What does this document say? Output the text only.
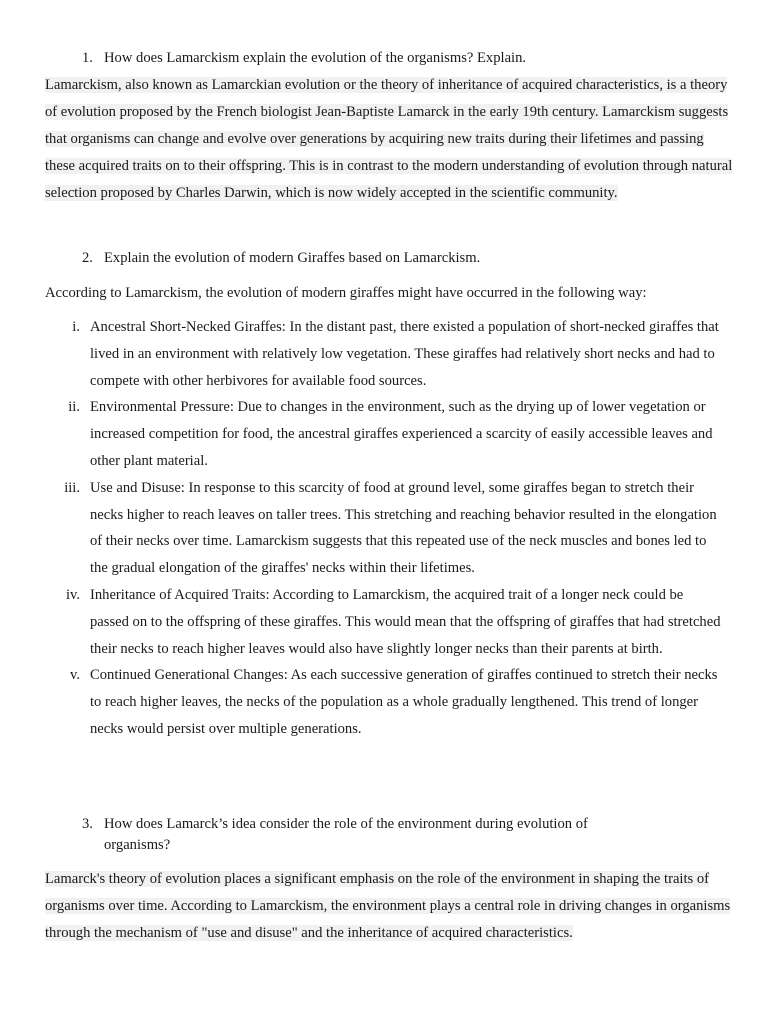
1. How does Lamarckism explain the evolution of the organisms? Explain.
Lamarckism, also known as Lamarckian evolution or the theory of inheritance of acquired characteristics, is a theory of evolution proposed by the French biologist Jean-Baptiste Lamarck in the early 19th century. Lamarckism suggests that organisms can change and evolve over generations by acquiring new traits during their lifetimes and passing these acquired traits on to their offspring. This is in contrast to the modern understanding of evolution through natural selection proposed by Charles Darwin, which is now widely accepted in the scientific community.
2. Explain the evolution of modern Giraffes based on Lamarckism.
According to Lamarckism, the evolution of modern giraffes might have occurred in the following way:
i. Ancestral Short-Necked Giraffes: In the distant past, there existed a population of short-necked giraffes that lived in an environment with relatively low vegetation. These giraffes had relatively short necks and had to compete with other herbivores for available food sources.
ii. Environmental Pressure: Due to changes in the environment, such as the drying up of lower vegetation or increased competition for food, the ancestral giraffes experienced a scarcity of easily accessible leaves and other plant material.
iii. Use and Disuse: In response to this scarcity of food at ground level, some giraffes began to stretch their necks higher to reach leaves on taller trees. This stretching and reaching behavior resulted in the elongation of their necks over time. Lamarckism suggests that this repeated use of the neck muscles and bones led to the gradual elongation of the giraffes' necks within their lifetimes.
iv. Inheritance of Acquired Traits: According to Lamarckism, the acquired trait of a longer neck could be passed on to the offspring of these giraffes. This would mean that the offspring of giraffes that had stretched their necks to reach higher leaves would also have slightly longer necks than their parents at birth.
v. Continued Generational Changes: As each successive generation of giraffes continued to stretch their necks to reach higher leaves, the necks of the population as a whole gradually lengthened. This trend of longer necks would persist over multiple generations.
3. How does Lamarck’s idea consider the role of the environment during evolution of organisms?
Lamarck's theory of evolution places a significant emphasis on the role of the environment in shaping the traits of organisms over time. According to Lamarckism, the environment plays a central role in driving changes in organisms through the mechanism of "use and disuse" and the inheritance of acquired characteristics.
